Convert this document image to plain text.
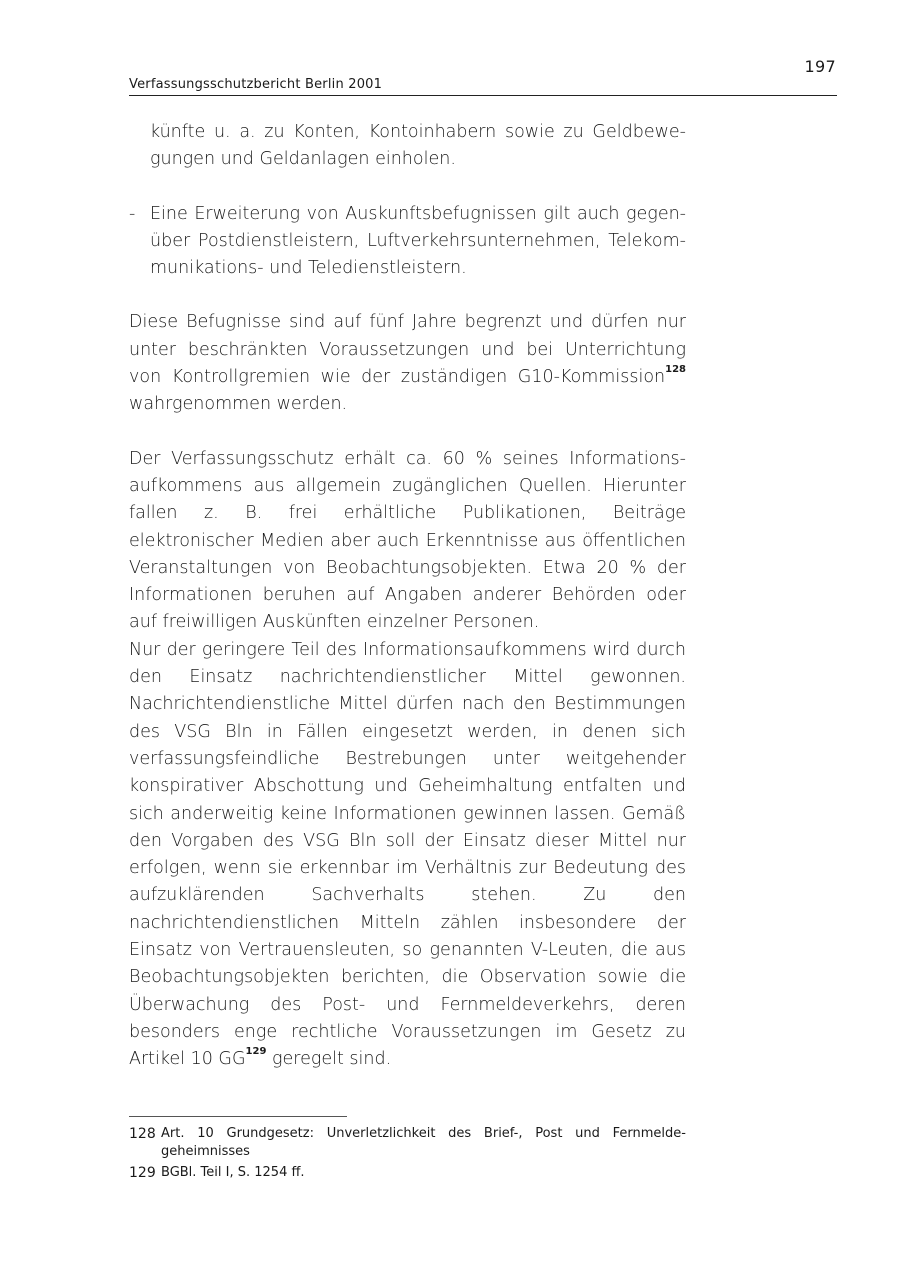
197
Verfassungsschutzbericht Berlin 2001

künfte u. a. zu Konten, Kontoinhabern sowie zu Geldbewegungen und Geldanlagen einholen.

- Eine Erweiterung von Auskunftsbefugnissen gilt auch gegenüber Postdienstleistern, Luftverkehrsunternehmen, Telekommunikations- und Teledienstleistern.

Diese Befugnisse sind auf fünf Jahre begrenzt und dürfen nur unter beschränkten Voraussetzungen und bei Unterrichtung von Kontrollgremien wie der zuständigen G10-Kommission$^{128}$ wahrgenommen werden.

Der Verfassungsschutz erhält ca. 60 % seines Informationsaufkommens aus allgemein zugänglichen Quellen. Hierunter fallen z. B. frei erhältliche Publikationen, Beiträge elektronischer Medien aber auch Erkenntnisse aus öffentlichen Veranstaltungen von Beobachtungsobjekten. Etwa 20 % der Informationen beruhen auf Angaben anderer Behörden oder auf freiwilligen Auskünften einzelner Personen.

Nur der geringere Teil des Informationsaufkommens wird durch den Einsatz nachrichtendienstlicher Mittel gewonnen. Nachrichtendienstliche Mittel dürfen nach den Bestimmungen des VSG Bln in Fällen eingesetzt werden, in denen sich verfassungsfeindliche Bestrebungen unter weitgehender konspirativer Abschottung und Geheimhaltung entfalten und sich anderweitig keine Informationen gewinnen lassen. Gemäß den Vorgaben des VSG Bln soll der Einsatz dieser Mittel nur erfolgen, wenn sie erkennbar im Verhältnis zur Bedeutung des aufzuklärenden Sachverhalts stehen. Zu den nachrichtendienstlichen Mitteln zählen insbesondere der Einsatz von Vertrauensleuten, so genannten V-Leuten, die aus Beobachtungsobjekten berichten, die Observation sowie die Überwachung des Post- und Fernmeldeverkehrs, deren besonders enge rechtliche Voraussetzungen im Gesetz zu Artikel 10 GG$^{129}$ geregelt sind.

128 Art. 10 Grundgesetz: Unverletzlichkeit des Brief-, Post und Fernmeldegeheimnisses
129 BGBl. Teil I, S. 1254 ff.
